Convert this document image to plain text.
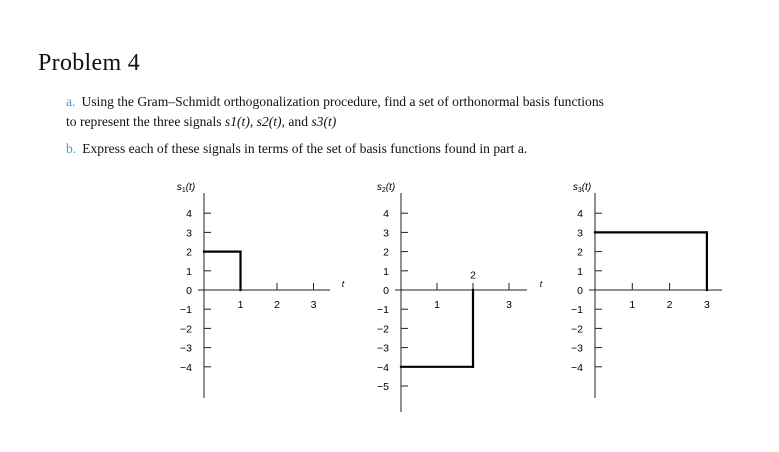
Problem 4
a. Using the Gram–Schmidt orthogonalization procedure, find a set of orthonormal basis functions
to represent the three signals s1(t), s2(t), and s3(t)
b. Express each of these signals in terms of the set of basis functions found in part a.
$s_1(t)$
4
3
2
1
0
−1
−2
−3
−4
1	2	3
t
$s_2(t)$
4
3
2
1
0
−1
−2
−3
−4
−5
1	3
t
2
$s_3(t)$
4
3
2
1
0
−1
−2
−3
−4
1	2	3
